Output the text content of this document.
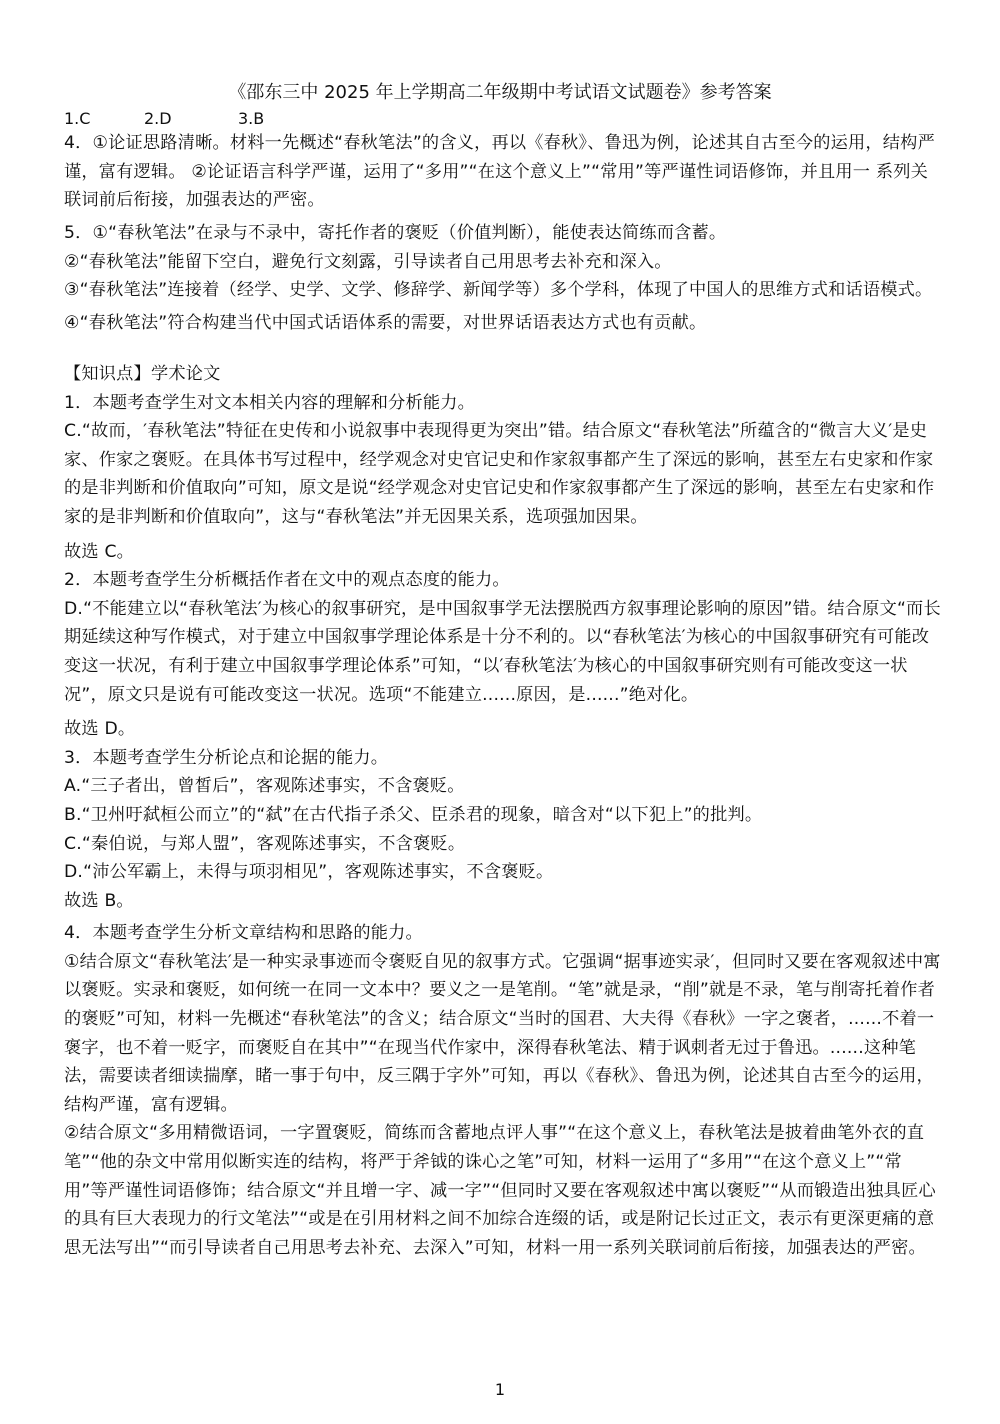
《邵东三中 2025 年上学期高二年级期中考试语文试题卷》参考答案
1.C	2.D	3.B

4．①论证思路清晰。材料一先概述“春秋笔法”的含义，再以《春秋》、鲁迅为例，论述其自古至今的运用，结构严谨，富有逻辑。 ②论证语言科学严谨，运用了“多用”“在这个意义上”“常用”等严谨性词语修饰，并且用一 系列关联词前后衔接，加强表达的严密。

5．①“春秋笔法”在录与不录中，寄托作者的褒贬（价值判断），能使表达简练而含蓄。

②“春秋笔法”能留下空白，避免行文刻露，引导读者自己用思考去补充和深入。

③“春秋笔法”连接着（经学、史学、文学、修辞学、新闻学等）多个学科，体现了中国人的思维方式和话语模式。

④“春秋笔法”符合构建当代中国式话语体系的需要，对世界话语表达方式也有贡献。

【知识点】学术论文

1．本题考查学生对文本相关内容的理解和分析能力。

C.“故而，′春秋笔法”特征在史传和小说叙事中表现得更为突出”错。结合原文“春秋笔法”所蕴含的“微言大义′是史家、作家之褒贬。在具体书写过程中，经学观念对史官记史和作家叙事都产生了深远的影响，甚至左右史家和作家的是非判断和价值取向”可知，原文是说“经学观念对史官记史和作家叙事都产生了深远的影响，甚至左右史家和作家的是非判断和价值取向”，这与“春秋笔法”并无因果关系，选项强加因果。

故选 C。

2．本题考查学生分析概括作者在文中的观点态度的能力。

D.“不能建立以“春秋笔法′为核心的叙事研究，是中国叙事学无法摆脱西方叙事理论影响的原因”错。结合原文“而长期延续这种写作模式，对于建立中国叙事学理论体系是十分不利的。以“春秋笔法′为核心的中国叙事研究有可能改变这一状况，有利于建立中国叙事学理论体系”可知，“以′春秋笔法′为核心的中国叙事研究则有可能改变这一状况”，原文只是说有可能改变这一状况。选项“不能建立......原因，是......”绝对化。

故选 D。

3．本题考查学生分析论点和论据的能力。

A.“三子者出，曾皙后”，客观陈述事实，不含褒贬。

B.“卫州吁弑桓公而立”的“弑”在古代指子杀父、臣杀君的现象，暗含对“以下犯上”的批判。

C.“秦伯说，与郑人盟”，客观陈述事实，不含褒贬。

D.“沛公军霸上，未得与项羽相见”，客观陈述事实，不含褒贬。

故选 B。

4．本题考查学生分析文章结构和思路的能力。

①结合原文“春秋笔法′是一种实录事迹而令褒贬自见的叙事方式。它强调“据事迹实录′，但同时又要在客观叙述中寓以褒贬。实录和褒贬，如何统一在同一文本中？要义之一是笔削。“笔”就是录，“削”就是不录，笔与削寄托着作者的褒贬”可知，材料一先概述“春秋笔法”的含义；结合原文“当时的国君、大夫得《春秋》一字之褒者，......不着一褒字，也不着一贬字，而褒贬自在其中”“在现当代作家中，深得春秋笔法、精于讽刺者无过于鲁迅。......这种笔法，需要读者细读揣摩，睹一事于句中，反三隅于字外”可知，再以《春秋》、鲁迅为例，论述其自古至今的运用，结构严谨，富有逻辑。

②结合原文“多用精微语词，一字置褒贬，简练而含蓄地点评人事”“在这个意义上，春秋笔法是披着曲笔外衣的直笔”“他的杂文中常用似断实连的结构，将严于斧钺的诛心之笔”可知，材料一运用了“多用”“在这个意义上”“常用”等严谨性词语修饰；结合原文“并且增一字、减一字”“但同时又要在客观叙述中寓以褒贬”“从而锻造出独具匠心的具有巨大表现力的行文笔法”“或是在引用材料之间不加综合连缀的话，或是附记长过正文，表示有更深更痛的意思无法写出”“而引导读者自己用思考去补充、去深入”可知，材料一用一系列关联词前后衔接，加强表达的严密。

1
